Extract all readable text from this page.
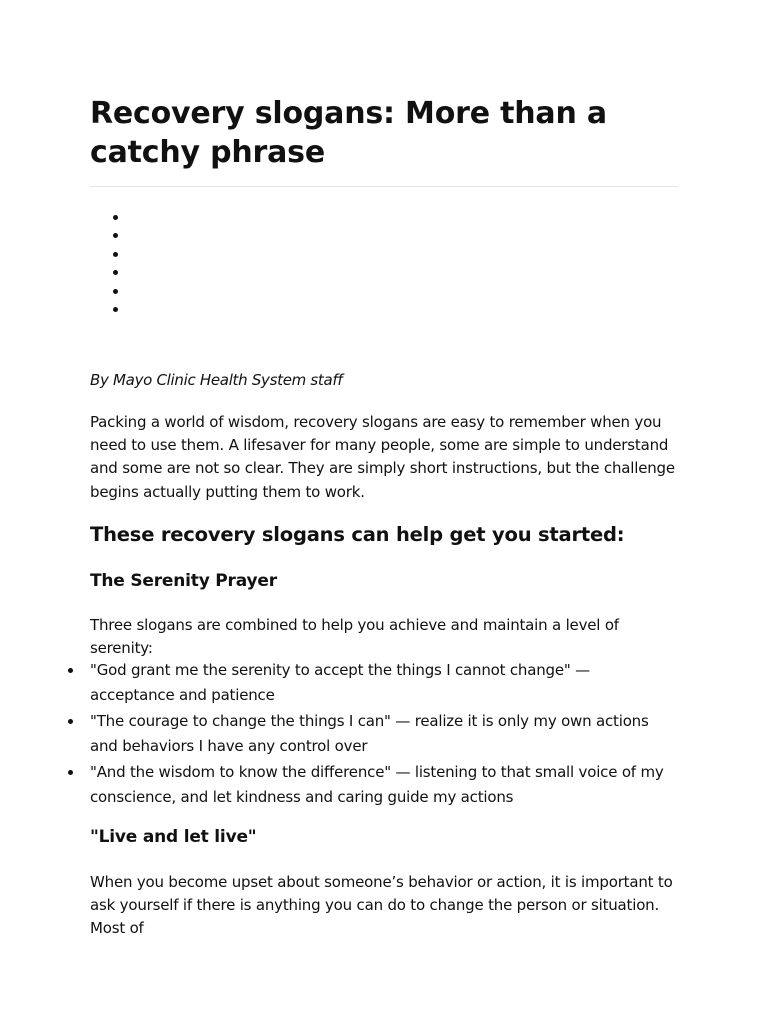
Recovery slogans: More than a catchy phrase
By Mayo Clinic Health System staff

Packing a world of wisdom, recovery slogans are easy to remember when you need to use them. A lifesaver for many people, some are simple to understand and some are not so clear. They are simply short instructions, but the challenge begins actually putting them to work.

These recovery slogans can help get you started:
The Serenity Prayer

Three slogans are combined to help you achieve and maintain a level of serenity:

"God grant me the serenity to accept the things I cannot change" — acceptance and patience
"The courage to change the things I can" — realize it is only my own actions and behaviors I have any control over
"And the wisdom to know the difference" — listening to that small voice of my conscience, and let kindness and caring guide my actions
"Live and let live"

When you become upset about someone’s behavior or action, it is important to ask yourself if there is anything you can do to change the person or situation. Most of
